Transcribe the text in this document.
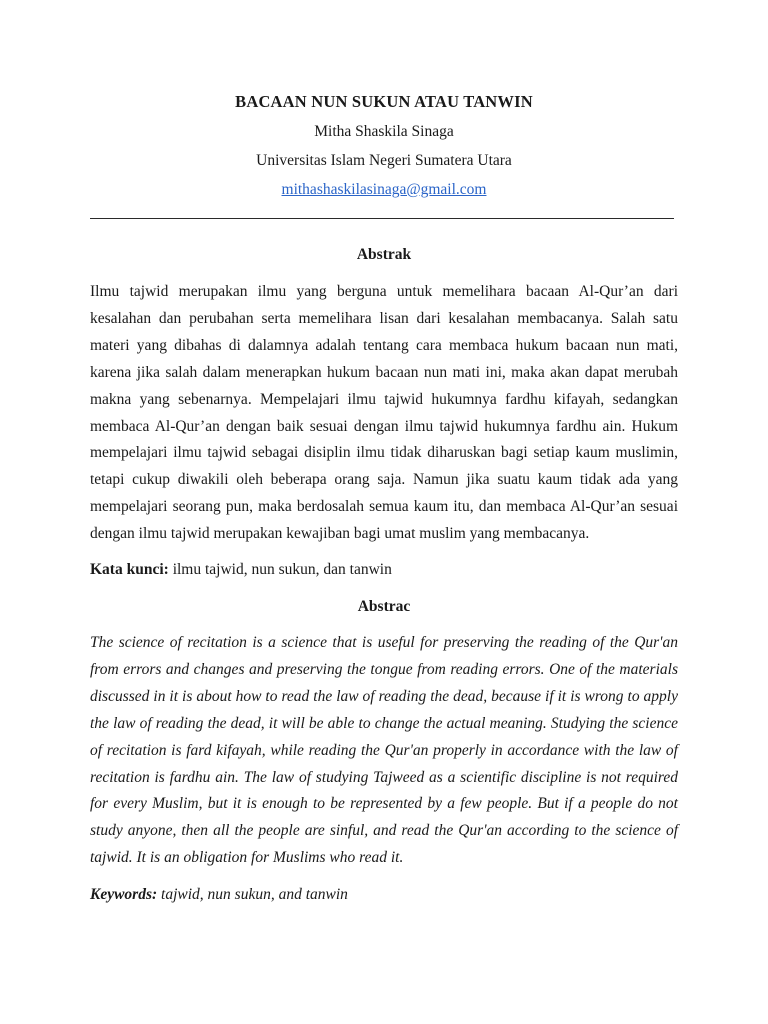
BACAAN NUN SUKUN ATAU TANWIN

Mitha Shaskila Sinaga

Universitas Islam Negeri Sumatera Utara

mithashaskilasinaga@gmail.com

Abstrak

Ilmu tajwid merupakan ilmu yang berguna untuk memelihara bacaan Al-Qur’an dari kesalahan dan perubahan serta memelihara lisan dari kesalahan membacanya. Salah satu materi yang dibahas di dalamnya adalah tentang cara membaca hukum bacaan nun mati, karena jika salah dalam menerapkan hukum bacaan nun mati ini, maka akan dapat merubah makna yang sebenarnya. Mempelajari ilmu tajwid hukumnya fardhu kifayah, sedangkan membaca Al-Qur’an dengan baik sesuai dengan ilmu tajwid hukumnya fardhu ain. Hukum mempelajari ilmu tajwid sebagai disiplin ilmu tidak diharuskan bagi setiap kaum muslimin, tetapi cukup diwakili oleh beberapa orang saja. Namun jika suatu kaum tidak ada yang mempelajari seorang pun, maka berdosalah semua kaum itu, dan membaca Al-Qur’an sesuai dengan ilmu tajwid merupakan kewajiban bagi umat muslim yang membacanya.

Kata kunci: ilmu tajwid, nun sukun, dan tanwin

Abstrac

The science of recitation is a science that is useful for preserving the reading of the Qur'an from errors and changes and preserving the tongue from reading errors. One of the materials discussed in it is about how to read the law of reading the dead, because if it is wrong to apply the law of reading the dead, it will be able to change the actual meaning. Studying the science of recitation is fard kifayah, while reading the Qur'an properly in accordance with the law of recitation is fardhu ain. The law of studying Tajweed as a scientific discipline is not required for every Muslim, but it is enough to be represented by a few people. But if a people do not study anyone, then all the people are sinful, and read the Qur'an according to the science of tajwid. It is an obligation for Muslims who read it.

Keywords: tajwid, nun sukun, and tanwin
